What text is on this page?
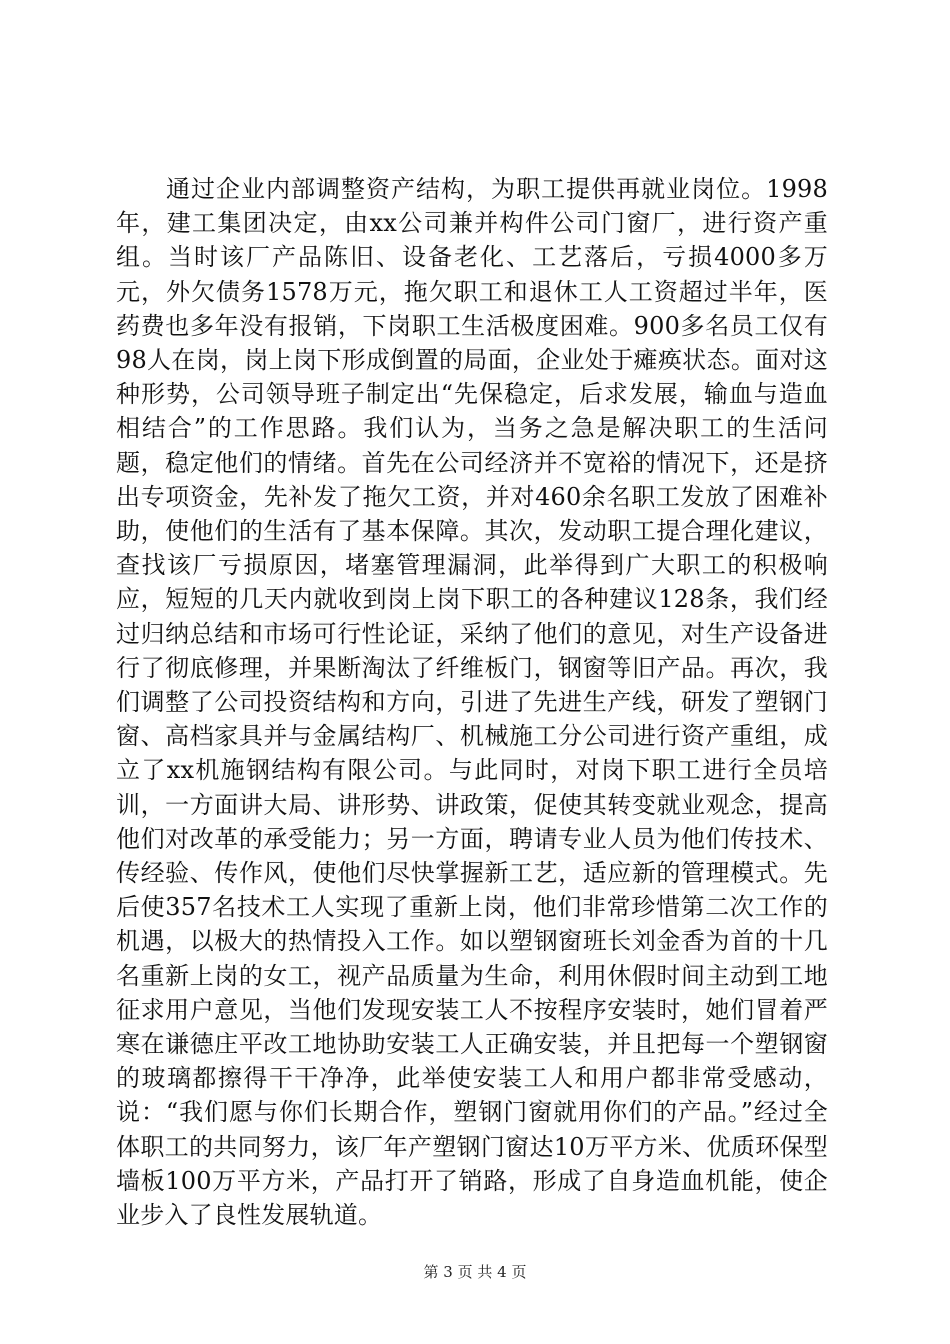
通过企业内部调整资产结构，为职工提供再就业岗位。1998年，建工集团决定，由xx公司兼并构件公司门窗厂，进行资产重组。当时该厂产品陈旧、设备老化、工艺落后，亏损4000多万元，外欠债务1578万元，拖欠职工和退休工人工资超过半年，医药费也多年没有报销，下岗职工生活极度困难。900多名员工仅有98人在岗，岗上岗下形成倒置的局面，企业处于瘫痪状态。面对这种形势，公司领导班子制定出“先保稳定，后求发展，输血与造血相结合”的工作思路。我们认为，当务之急是解决职工的生活问题，稳定他们的情绪。首先在公司经济并不宽裕的情况下，还是挤出专项资金，先补发了拖欠工资，并对460余名职工发放了困难补助，使他们的生活有了基本保障。其次，发动职工提合理化建议，查找该厂亏损原因，堵塞管理漏洞，此举得到广大职工的积极响应，短短的几天内就收到岗上岗下职工的各种建议128条，我们经过归纳总结和市场可行性论证，采纳了他们的意见，对生产设备进行了彻底修理，并果断淘汰了纤维板门，钢窗等旧产品。再次，我们调整了公司投资结构和方向，引进了先进生产线，研发了塑钢门窗、高档家具并与金属结构厂、机械施工分公司进行资产重组，成立了xx机施钢结构有限公司。与此同时，对岗下职工进行全员培训，一方面讲大局、讲形势、讲政策，促使其转变就业观念，提高他们对改革的承受能力；另一方面，聘请专业人员为他们传技术、传经验、传作风，使他们尽快掌握新工艺，适应新的管理模式。先后使357名技术工人实现了重新上岗，他们非常珍惜第二次工作的机遇，以极大的热情投入工作。如以塑钢窗班长刘金香为首的十几名重新上岗的女工，视产品质量为生命，利用休假时间主动到工地征求用户意见，当他们发现安装工人不按程序安装时，她们冒着严寒在谦德庄平改工地协助安装工人正确安装，并且把每一个塑钢窗的玻璃都擦得干干净净，此举使安装工人和用户都非常受感动，说：“我们愿与你们长期合作，塑钢门窗就用你们的产品。”经过全体职工的共同努力，该厂年产塑钢门窗达10万平方米、优质环保型墙板100万平方米，产品打开了销路，形成了自身造血机能，使企业步入了良性发展轨道。

第 3 页 共 4 页
